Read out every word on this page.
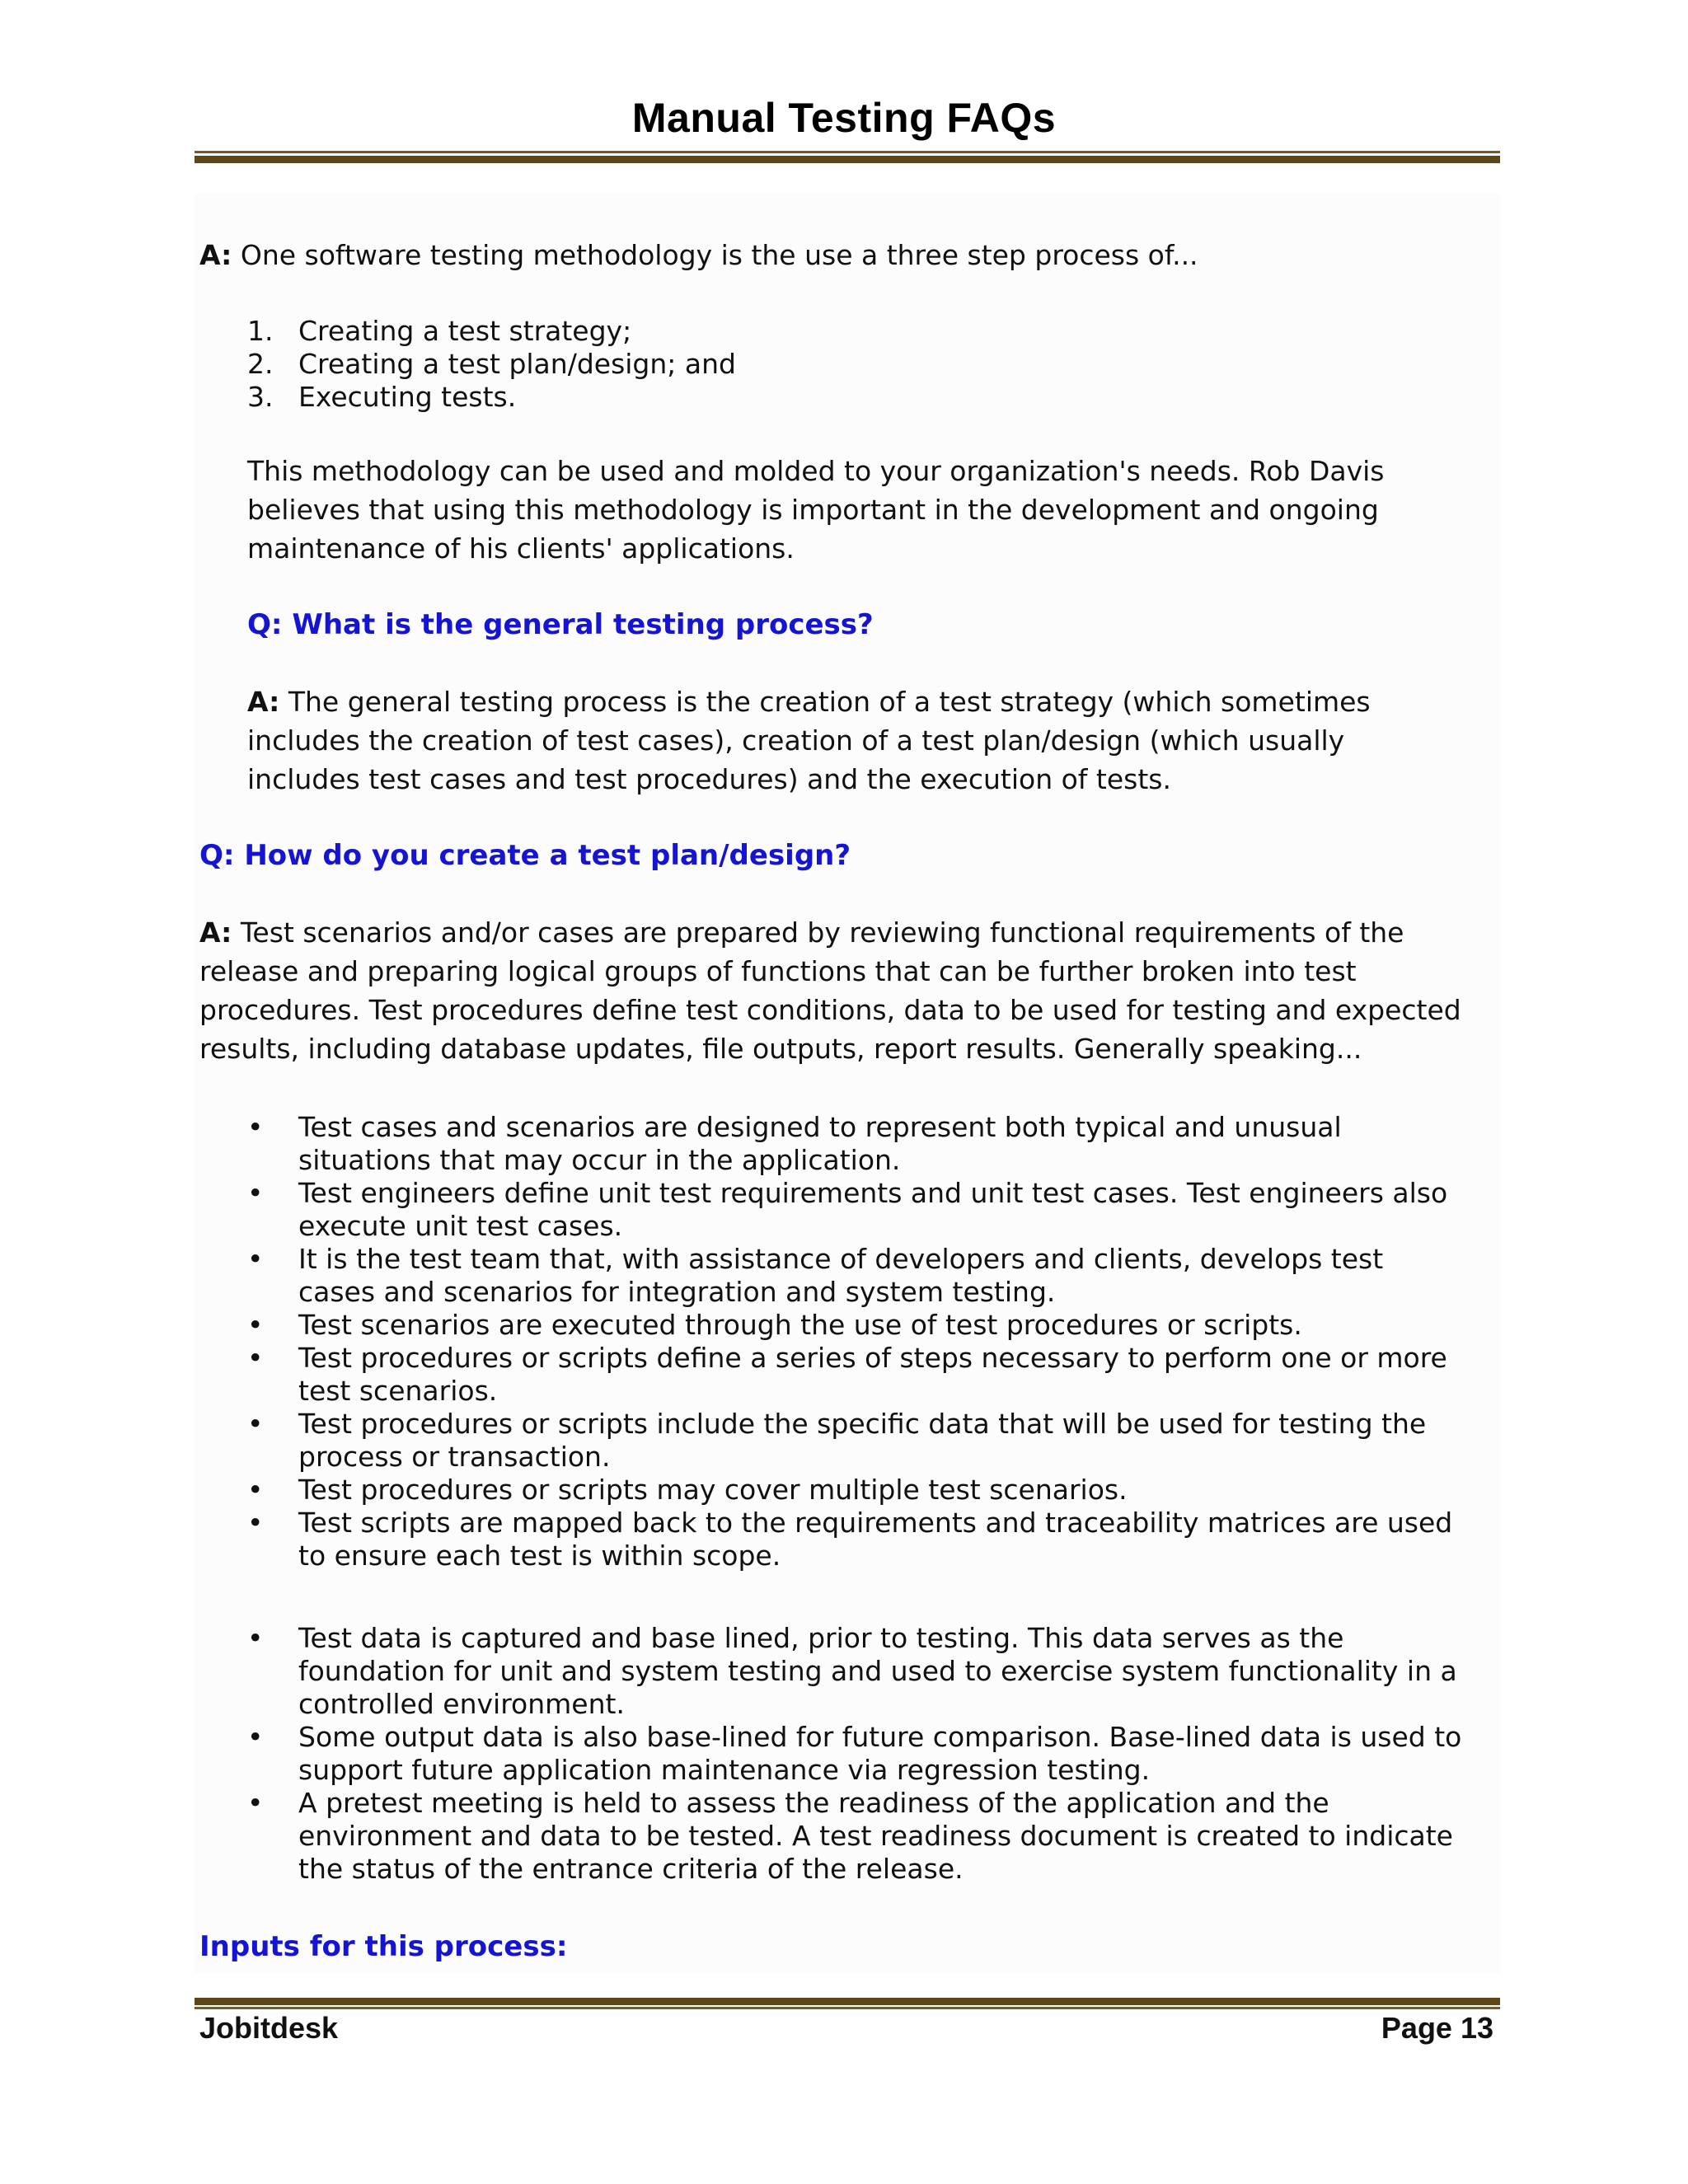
Manual Testing FAQs
A: One software testing methodology is the use a three step process of...
1. Creating a test strategy;
2. Creating a test plan/design; and
3. Executing tests.
This methodology can be used and molded to your organization's needs. Rob Davis
believes that using this methodology is important in the development and ongoing
maintenance of his clients' applications.
Q: What is the general testing process?
A: The general testing process is the creation of a test strategy (which sometimes
includes the creation of test cases), creation of a test plan/design (which usually
includes test cases and test procedures) and the execution of tests.
Q: How do you create a test plan/design?
A: Test scenarios and/or cases are prepared by reviewing functional requirements of the
release and preparing logical groups of functions that can be further broken into test
procedures. Test procedures define test conditions, data to be used for testing and expected
results, including database updates, file outputs, report results. Generally speaking...
• Test cases and scenarios are designed to represent both typical and unusual
situations that may occur in the application.
• Test engineers define unit test requirements and unit test cases. Test engineers also
execute unit test cases.
• It is the test team that, with assistance of developers and clients, develops test
cases and scenarios for integration and system testing.
• Test scenarios are executed through the use of test procedures or scripts.
• Test procedures or scripts define a series of steps necessary to perform one or more
test scenarios.
• Test procedures or scripts include the specific data that will be used for testing the
process or transaction.
• Test procedures or scripts may cover multiple test scenarios.
• Test scripts are mapped back to the requirements and traceability matrices are used
to ensure each test is within scope.
• Test data is captured and base lined, prior to testing. This data serves as the
foundation for unit and system testing and used to exercise system functionality in a
controlled environment.
• Some output data is also base-lined for future comparison. Base-lined data is used to
support future application maintenance via regression testing.
• A pretest meeting is held to assess the readiness of the application and the
environment and data to be tested. A test readiness document is created to indicate
the status of the entrance criteria of the release.
Inputs for this process:
Jobitdesk	Page 13
